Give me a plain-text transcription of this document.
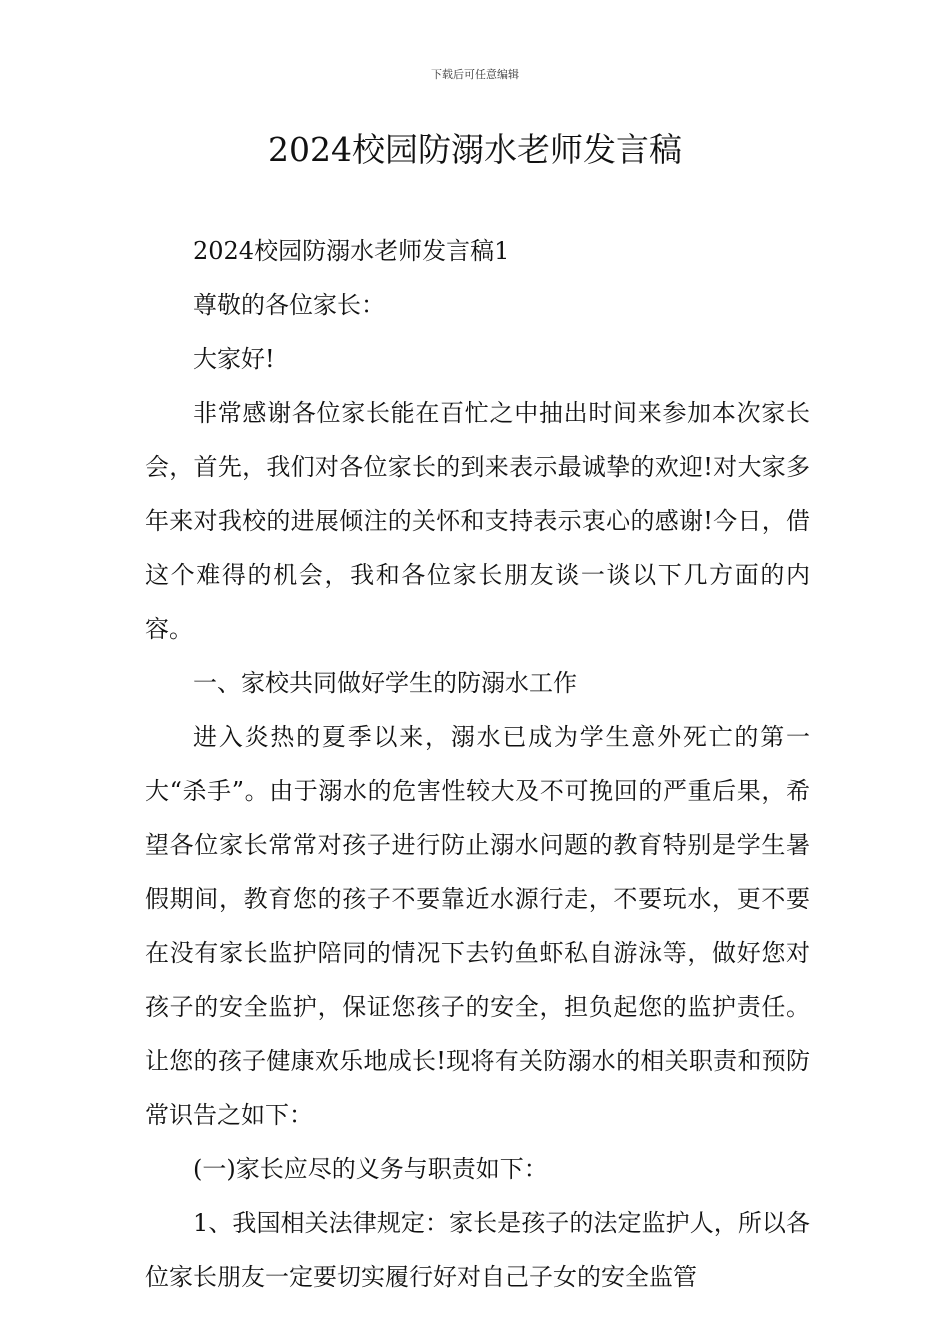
下载后可任意编辑
2024校园防溺水老师发言稿

2024校园防溺水老师发言稿1

尊敬的各位家长：

大家好!

非常感谢各位家长能在百忙之中抽出时间来参加本次家长会，首先，我们对各位家长的到来表示最诚挚的欢迎!对大家多年来对我校的进展倾注的关怀和支持表示衷心的感谢!今日，借这个难得的机会，我和各位家长朋友谈一谈以下几方面的内容。

一、家校共同做好学生的防溺水工作

进入炎热的夏季以来，溺水已成为学生意外死亡的第一大“杀手”。由于溺水的危害性较大及不可挽回的严重后果，希望各位家长常常对孩子进行防止溺水问题的教育特别是学生暑假期间，教育您的孩子不要靠近水源行走，不要玩水，更不要在没有家长监护陪同的情况下去钓鱼虾私自游泳等，做好您对孩子的安全监护，保证您孩子的安全，担负起您的监护责任。让您的孩子健康欢乐地成长!现将有关防溺水的相关职责和预防常识告之如下：

(一)家长应尽的义务与职责如下：

1、我国相关法律规定：家长是孩子的法定监护人，所以各位家长朋友一定要切实履行好对自己子女的安全监管
